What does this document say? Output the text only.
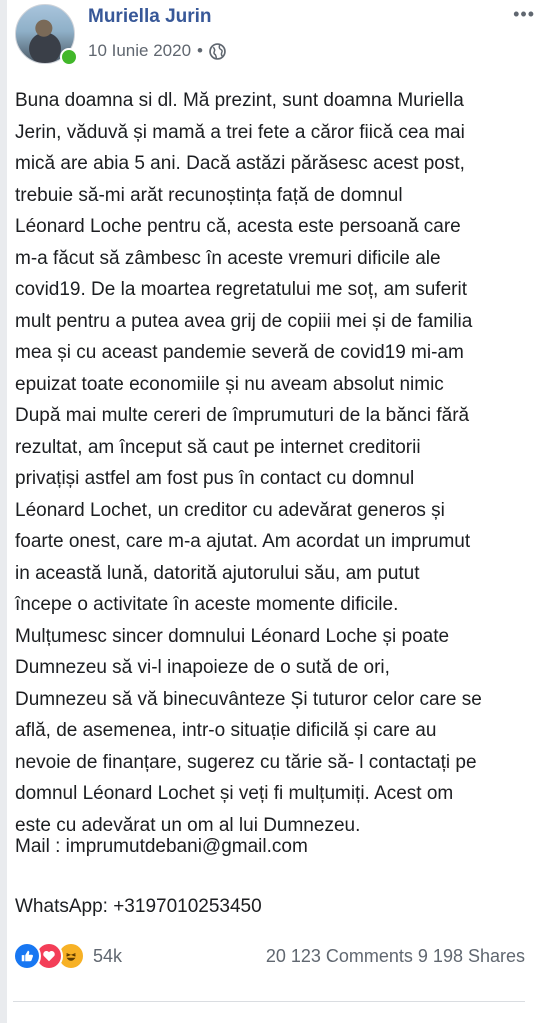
Muriella Jurin
10 Iunie 2020 •
•••

Buna doamna si dl. Mă prezint, sunt doamna Muriella
Jerin, văduvă și mamă a trei fete a căror fiică cea mai
mică are abia 5 ani. Dacă astăzi părăsesc acest post,
trebuie să-mi arăt recunoștința față de domnul
Léonard Loche pentru că, acesta este persoană care
m-a făcut să zâmbesc în aceste vremuri dificile ale
covid19. De la moartea regretatului me soț, am suferit
mult pentru a putea avea grij de copiii mei și de familia
mea și cu aceast pandemie severă de covid19 mi-am
epuizat toate economiile și nu aveam absolut nimic
După mai multe cereri de împrumuturi de la bănci fără
rezultat, am început să caut pe internet creditorii
privațiși astfel am fost pus în contact cu domnul
Léonard Lochet, un creditor cu adevărat generos și
foarte onest, care m-a ajutat. Am acordat un imprumut
in această lună, datorită ajutorului său, am putut
începe o activitate în aceste momente dificile.
Mulțumesc sincer domnului Léonard Loche și poate
Dumnezeu să vi-l inapoieze de o sută de ori,
Dumnezeu să vă binecuvânteze Și tuturor celor care se
află, de asemenea, intr-o situație dificilă și care au
nevoie de finanțare, sugerez cu tărie să- l contactați pe
domnul Léonard Lochet și veți fi mulțumiți. Acest om
este cu adevărat un om al lui Dumnezeu.

Mail : imprumutdebani@gmail.com
WhatsApp: +3197010253450
54k	20 123 Comments 9 198 Shares
